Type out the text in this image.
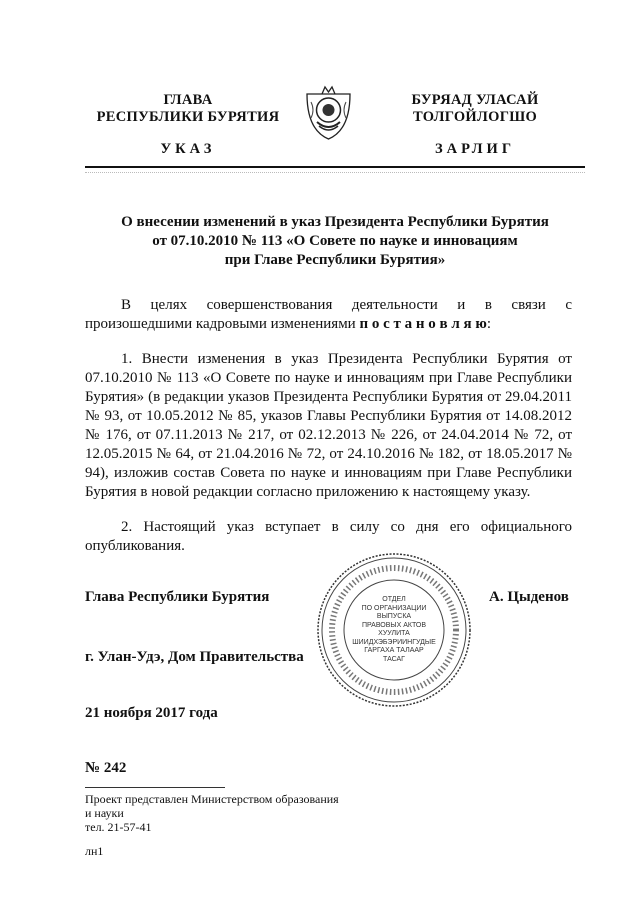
ГЛАВА
РЕСПУБЛИКИ БУРЯТИЯ
УКАЗ
БУРЯАД УЛАСАЙ
ТОЛГОЙЛОГШО
ЗАРЛИГ
О внесении изменений в указ Президента Республики Бурятия
от 07.10.2010 № 113 «О Совете по науке и инновациям
при Главе Республики Бурятия»
В целях совершенствования деятельности и в связи с произошедшими кадровыми изменениями п о с т а н о в л я ю:
1. Внести изменения в указ Президента Республики Бурятия от 07.10.2010 № 113 «О Совете по науке и инновациям при Главе Республики Бурятия» (в редакции указов Президента Республики Бурятия от 29.04.2011 № 93, от 10.05.2012 № 85, указов Главы Республики Бурятия от 14.08.2012 № 176, от 07.11.2013 № 217, от 02.12.2013 № 226, от 24.04.2014 № 72, от 12.05.2015 № 64, от 21.04.2016 № 72, от 24.10.2016 № 182, от 18.05.2017 № 94), изложив состав Совета по науке и инновациям при Главе Республики Бурятия в новой редакции согласно приложению к настоящему указу.
2. Настоящий указ вступает в силу со дня его официального опубликования.
Глава Республики Бурятия	А. Цыденов
г. Улан-Удэ, Дом Правительства
21 ноября 2017 года
№ 242
ОТДЕЛ
ПО ОРГАНИЗАЦИИ
ВЫПУСКА
ПРАВОВЫХ АКТОВ
ХУУЛИТА
ШИИДХЭБЭРИИНГУДЫЕ
ГАРГАХА ТАЛААР
ТАСАГ
Проект представлен Министерством образования
и науки
тел. 21-57-41
лн1
